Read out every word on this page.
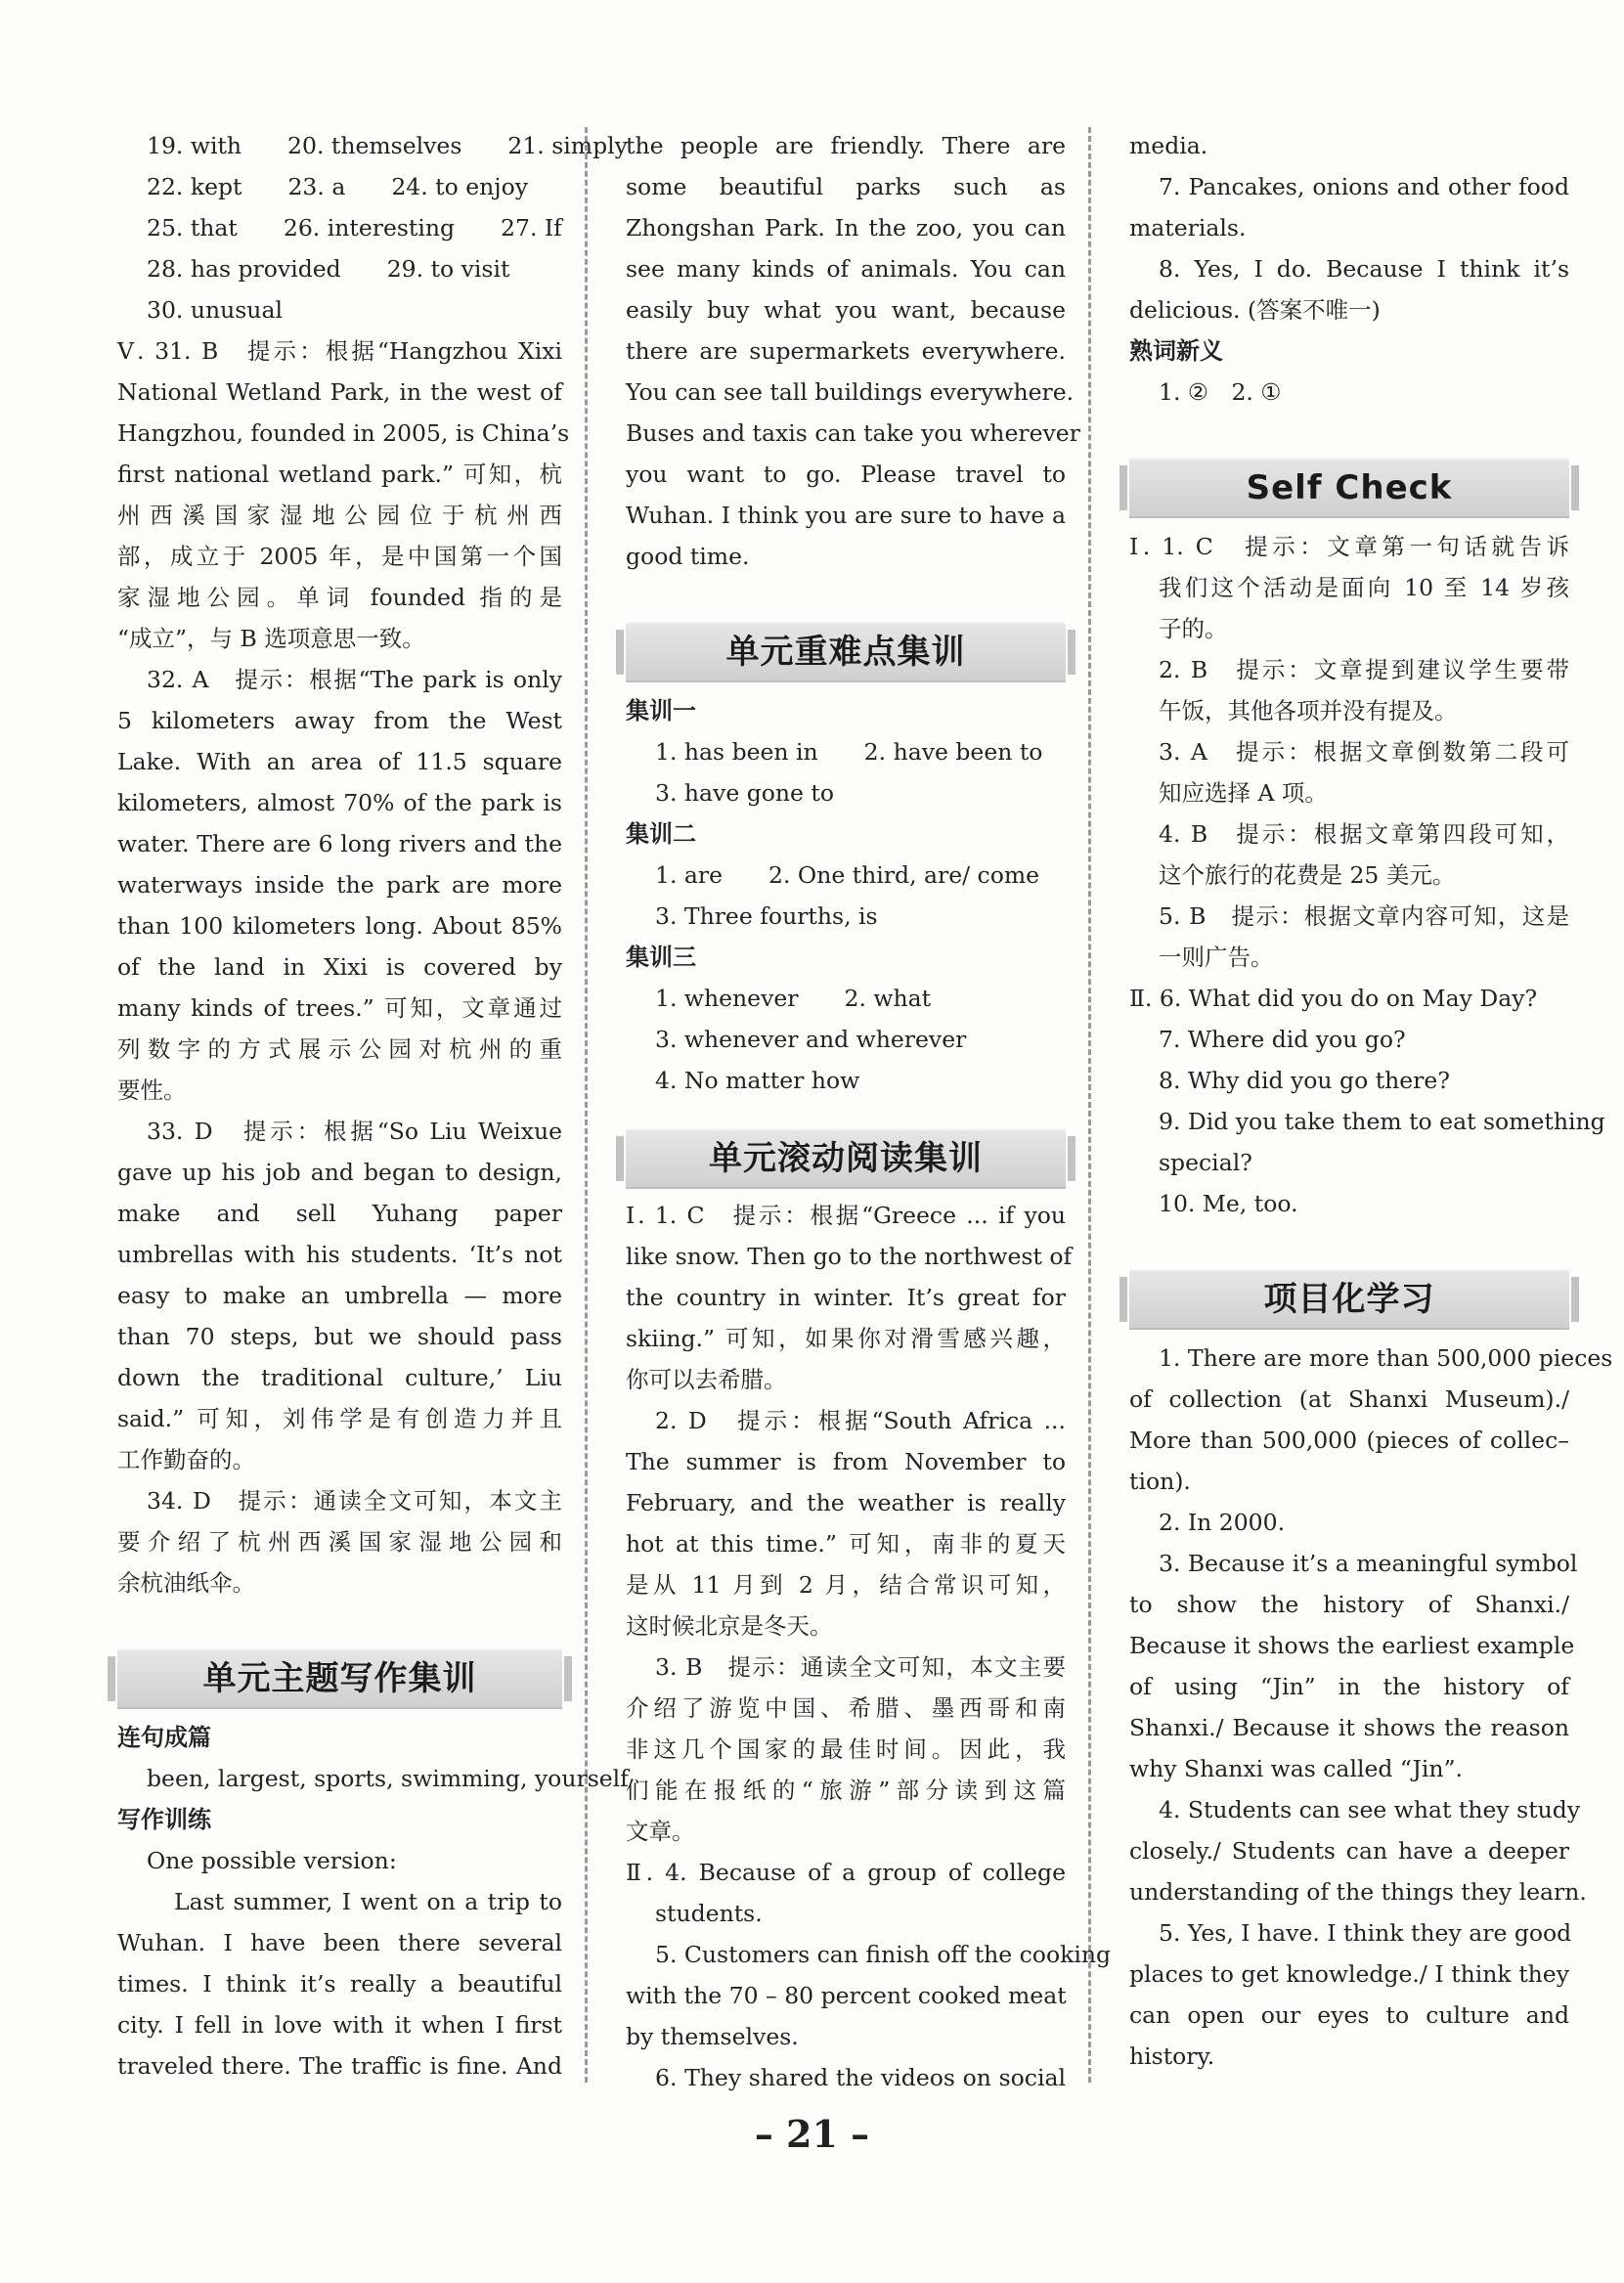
19. with　　20. themselves　　21. simply
22. kept　　23. a　　24. to enjoy
25. that　　26. interesting　　27. If
28. has provided　　29. to visit
30. unusual
Ⅴ. 31. B　提示：根据“Hangzhou Xixi
National Wetland Park, in the west of
Hangzhou, founded in 2005, is China’s
first national wetland park.” 可知，杭
州西溪国家湿地公园位于杭州西
部，成立于 2005 年，是中国第一个国
家湿地公园。单词 founded 指的是
“成立”，与 B 选项意思一致。
32. A　提示：根据“The park is only
5 kilometers away from the West
Lake. With an area of 11.5 square
kilometers, almost 70% of the park is
water. There are 6 long rivers and the
waterways inside the park are more
than 100 kilometers long. About 85%
of the land in Xixi is covered by
many kinds of trees.” 可知，文章通过
列数字的方式展示公园对杭州的重
要性。
33. D　提示：根据“So Liu Weixue
gave up his job and began to design,
make and sell Yuhang paper
umbrellas with his students. ‘It’s not
easy to make an umbrella — more
than 70 steps, but we should pass
down the traditional culture,’ Liu
said.” 可知，刘伟学是有创造力并且
工作勤奋的。
34. D　提示：通读全文可知，本文主
要介绍了杭州西溪国家湿地公园和
余杭油纸伞。
单元主题写作集训
连句成篇
been, largest, sports, swimming, yourself
写作训练
One possible version:
Last summer, I went on a trip to
Wuhan. I have been there several
times. I think it’s really a beautiful
city. I fell in love with it when I first
traveled there. The traffic is fine. And
the people are friendly. There are
some beautiful parks such as
Zhongshan Park. In the zoo, you can
see many kinds of animals. You can
easily buy what you want, because
there are supermarkets everywhere.
You can see tall buildings everywhere.
Buses and taxis can take you wherever
you want to go. Please travel to
Wuhan. I think you are sure to have a
good time.
单元重难点集训
集训一
1. has been in　　2. have been to
3. have gone to
集训二
1. are　　2. One third, are/ come
3. Three fourths, is
集训三
1. whenever　　2. what
3. whenever and wherever
4. No matter how
单元滚动阅读集训
Ⅰ. 1. C　提示：根据“Greece ... if you
like snow. Then go to the northwest of
the country in winter. It’s great for
skiing.” 可知，如果你对滑雪感兴趣，
你可以去希腊。
2. D　提示：根据“South Africa ...
The summer is from November to
February, and the weather is really
hot at this time.” 可知，南非的夏天
是从 11 月到 2 月，结合常识可知，
这时候北京是冬天。
3. B　提示：通读全文可知，本文主要
介绍了游览中国、希腊、墨西哥和南
非这几个国家的最佳时间。因此，我
们能在报纸的“旅游”部分读到这篇
文章。
Ⅱ. 4. Because of a group of college
students.
5. Customers can finish off the cooking
with the 70 – 80 percent cooked meat
by themselves.
6. They shared the videos on social
media.
7. Pancakes, onions and other food
materials.
8. Yes, I do. Because I think it’s
delicious. (答案不唯一)
熟词新义
1. ②　2. ①
Self Check
Ⅰ. 1. C　提示：文章第一句话就告诉
我们这个活动是面向 10 至 14 岁孩
子的。
2. B　提示：文章提到建议学生要带
午饭，其他各项并没有提及。
3. A　提示：根据文章倒数第二段可
知应选择 A 项。
4. B　提示：根据文章第四段可知，
这个旅行的花费是 25 美元。
5. B　提示：根据文章内容可知，这是
一则广告。
Ⅱ. 6. What did you do on May Day?
7. Where did you go?
8. Why did you go there?
9. Did you take them to eat something
special?
10. Me, too.
项目化学习
1. There are more than 500,000 pieces
of collection (at Shanxi Museum)./
More than 500,000 (pieces of collec–
tion).
2. In 2000.
3. Because it’s a meaningful symbol
to show the history of Shanxi./
Because it shows the earliest example
of using “Jin” in the history of
Shanxi./ Because it shows the reason
why Shanxi was called “Jin”.
4. Students can see what they study
closely./ Students can have a deeper
understanding of the things they learn.
5. Yes, I have. I think they are good
places to get knowledge./ I think they
can open our eyes to culture and
history.
– 21 –
